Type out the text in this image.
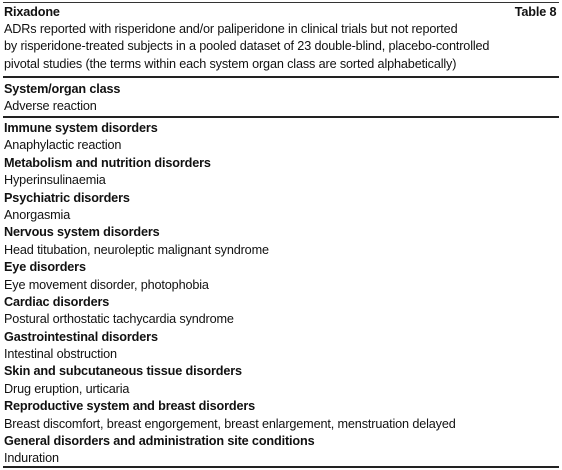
Rixadone	Table 8
ADRs reported with risperidone and/or paliperidone in clinical trials but not reported
by risperidone-treated subjects in a pooled dataset of 23 double-blind, placebo-controlled
pivotal studies (the terms within each system organ class are sorted alphabetically)
System/organ class
Adverse reaction
Immune system disorders
Anaphylactic reaction
Metabolism and nutrition disorders
Hyperinsulinaemia
Psychiatric disorders
Anorgasmia
Nervous system disorders
Head titubation, neuroleptic malignant syndrome
Eye disorders
Eye movement disorder, photophobia
Cardiac disorders
Postural orthostatic tachycardia syndrome
Gastrointestinal disorders
Intestinal obstruction
Skin and subcutaneous tissue disorders
Drug eruption, urticaria
Reproductive system and breast disorders
Breast discomfort, breast engorgement, breast enlargement, menstruation delayed
General disorders and administration site conditions
Induration
